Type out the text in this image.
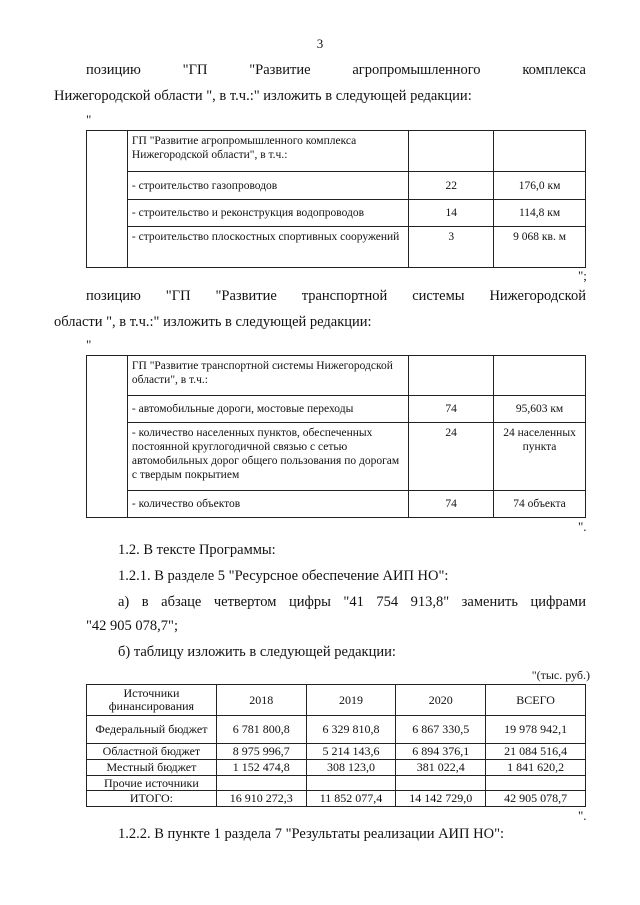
3
позицию "ГП "Развитие агропромышленного комплекса
Нижегородской области ", в т.ч.:" изложить в следующей редакции:
"
	ГП "Развитие агропромышленного комплекса Нижегородской области", в т.ч.:		
	- строительство газопроводов	22	176,0 км
	- строительство и реконструкция водопроводов	14	114,8 км
	- строительство плоскостных спортивных сооружений	3	9 068 кв. м
";
позицию "ГП "Развитие транспортной системы Нижегородской
области ", в т.ч.:" изложить в следующей редакции:
"
	ГП "Развитие транспортной системы Нижегородской области", в т.ч.:		
	- автомобильные дороги, мостовые переходы	74	95,603 км
	- количество населенных пунктов, обеспеченных постоянной круглогодичной связью с сетью автомобильных дорог общего пользования по дорогам с твердым покрытием	24	24 населенных пункта
	- количество объектов	74	74 объекта
".
1.2. В тексте Программы:
1.2.1. В разделе 5 "Ресурсное обеспечение АИП НО":
а) в абзаце четвертом цифры "41 754 913,8" заменить цифрами
"42 905 078,7";
б) таблицу изложить в следующей редакции:
"(тыс. руб.)
Источники финансирования	2018	2019	2020	ВСЕГО
Федеральный бюджет	6 781 800,8	6 329 810,8	6 867 330,5	19 978 942,1
Областной бюджет	8 975 996,7	5 214 143,6	6 894 376,1	21 084 516,4
Местный бюджет	1 152 474,8	308 123,0	381 022,4	1 841 620,2
Прочие источники				
ИТОГО:	16 910 272,3	11 852 077,4	14 142 729,0	42 905 078,7
".
1.2.2. В пункте 1 раздела 7 "Результаты реализации АИП НО":
